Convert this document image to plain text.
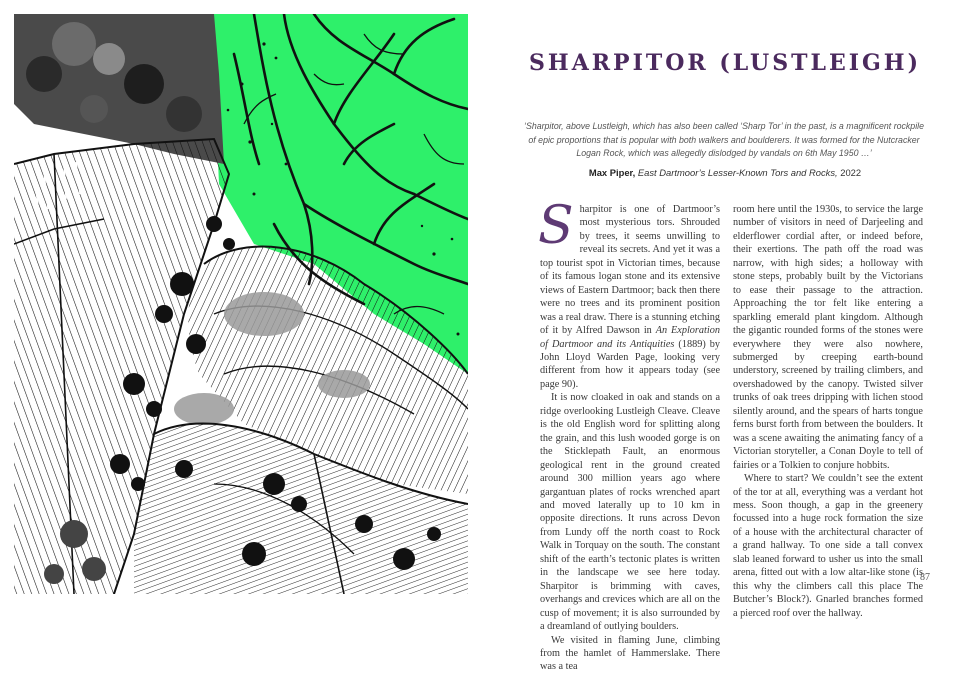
SHARPITOR (LUSTLEIGH)
‘Sharpitor, above Lustleigh, which has also been called ‘Sharp Tor’ in the past, is a magnificent rockpile of epic proportions that is popular with both walkers and boulderers. It was formed for the Nutcracker Logan Rock, which was allegedly dislodged by vandals on 6th May 1950 …’
Max Piper, East Dartmoor’s Lesser-Known Tors and Rocks, 2022

Sharpitor is one of Dartmoor’s most mysterious tors. Shrouded by trees, it seems unwilling to reveal its secrets. And yet it was a top tourist spot in Victorian times, because of its famous logan stone and its extensive views of Eastern Dartmoor; back then there were no trees and its prominent position was a real draw. There is a stunning etching of it by Alfred Dawson in An Exploration of Dartmoor and its Antiquities (1889) by John Lloyd Warden Page, looking very different from how it appears today (see page 90).

It is now cloaked in oak and stands on a ridge overlooking Lustleigh Cleave. Cleave is the old English word for splitting along the grain, and this lush wooded gorge is on the Sticklepath Fault, an enormous geological rent in the ground created around 300 million years ago where gargantuan plates of rocks wrenched apart and moved laterally up to 10 km in opposite directions. It runs across Devon from Lundy off the north coast to Rock Walk in Torquay on the south. The constant shift of the earth’s tectonic plates is written in the landscape we see here today. Sharpitor is brimming with caves, overhangs and crevices which are all on the cusp of movement; it is also surrounded by a dreamland of outlying boulders.

We visited in flaming June, climbing from the hamlet of Hammerslake. There was a tea

room here until the 1930s, to service the large number of visitors in need of Darjeeling and elderflower cordial after, or indeed before, their exertions. The path off the road was narrow, with high sides; a holloway with stone steps, probably built by the Victorians to ease their passage to the attraction. Approaching the tor felt like entering a sparkling emerald plant kingdom. Although the gigantic rounded forms of the stones were everywhere they were also nowhere, submerged by creeping earth-bound understory, screened by trailing climbers, and overshadowed by the canopy. Twisted silver trunks of oak trees dripping with lichen stood silently around, and the spears of harts tongue ferns burst forth from between the boulders. It was a scene awaiting the animating fancy of a Victorian storyteller, a Conan Doyle to tell of fairies or a Tolkien to conjure hobbits.

Where to start? We couldn’t see the extent of the tor at all, everything was a verdant hot mess. Soon though, a gap in the greenery focussed into a huge rock formation the size of a house with the architectural character of a grand hallway. To one side a tall convex slab leaned forward to usher us into the small arena, fitted out with a low altar-like stone (is this why the climbers call this place The Butcher’s Block?). Gnarled branches formed a pierced roof over the hallway.

87
